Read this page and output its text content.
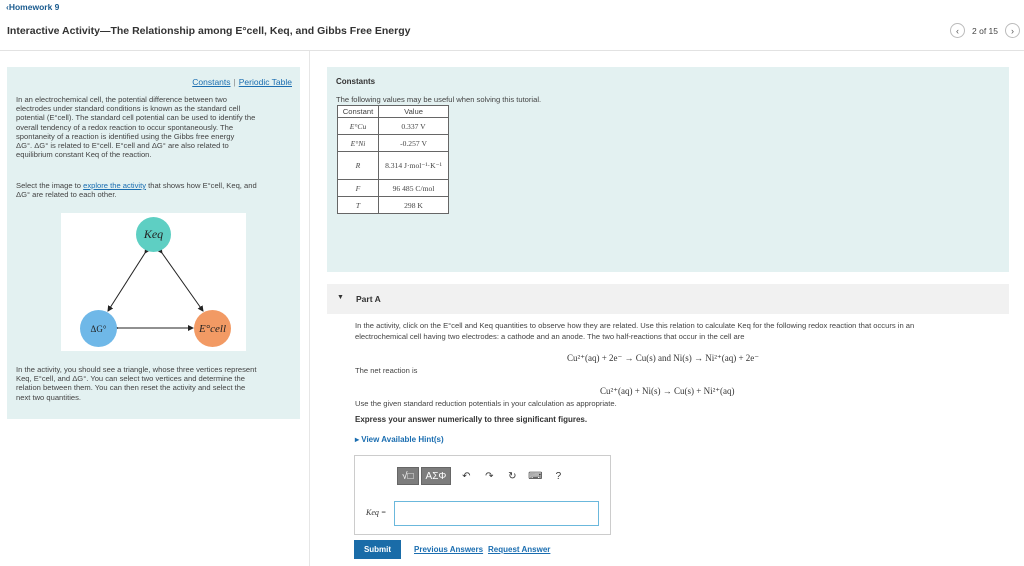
‹Homework 9
Interactive Activity—The Relationship among E°cell, Keq, and Gibbs Free Energy	‹ 2 of 15 ›
Constants | Periodic Table
In an electrochemical cell, the potential difference between two
electrodes under standard conditions is known as the standard cell
potential (E°cell). The standard cell potential can be used to identify the
overall tendency of a redox reaction to occur spontaneously. The
spontaneity of a reaction is identified using the Gibbs free energy
ΔG°. ΔG° is related to E°cell. E°cell and ΔG° are also related to
equilibrium constant Keq of the reaction.
Select the image to explore the activity that shows how E°cell, Keq, and
ΔG° are related to each other.
Keq
ΔG°	E°cell
In the activity, you should see a triangle, whose three vertices represent
Keq, E°cell, and ΔG°. You can select two vertices and determine the
relation between them. You can then reset the activity and select the
next two quantities.
Constants
The following values may be useful when solving this tutorial.
Constant	Value
E°Cu	0.337 V
E°Ni	-0.257 V
R	8.314 J·mol⁻¹·K⁻¹
F	96 485 C/mol
T	298 K
▼ Part A
In the activity, click on the E°cell and Keq quantities to observe how they are related. Use this relation to calculate Keq for the following redox reaction that occurs in an
electrochemical cell having two electrodes: a cathode and an anode. The two half-reactions that occur in the cell are
Cu²⁺(aq) + 2e⁻ → Cu(s) and Ni(s) → Ni²⁺(aq) + 2e⁻
The net reaction is
Cu²⁺(aq) + Ni(s) → Cu(s) + Ni²⁺(aq)
Use the given standard reduction potentials in your calculation as appropriate.
Express your answer numerically to three significant figures.
▸ View Available Hint(s)
√□ ΑΣΦ	↶	↷	↻	⌨	?
Keq =
Submit	Previous Answers Request Answer
